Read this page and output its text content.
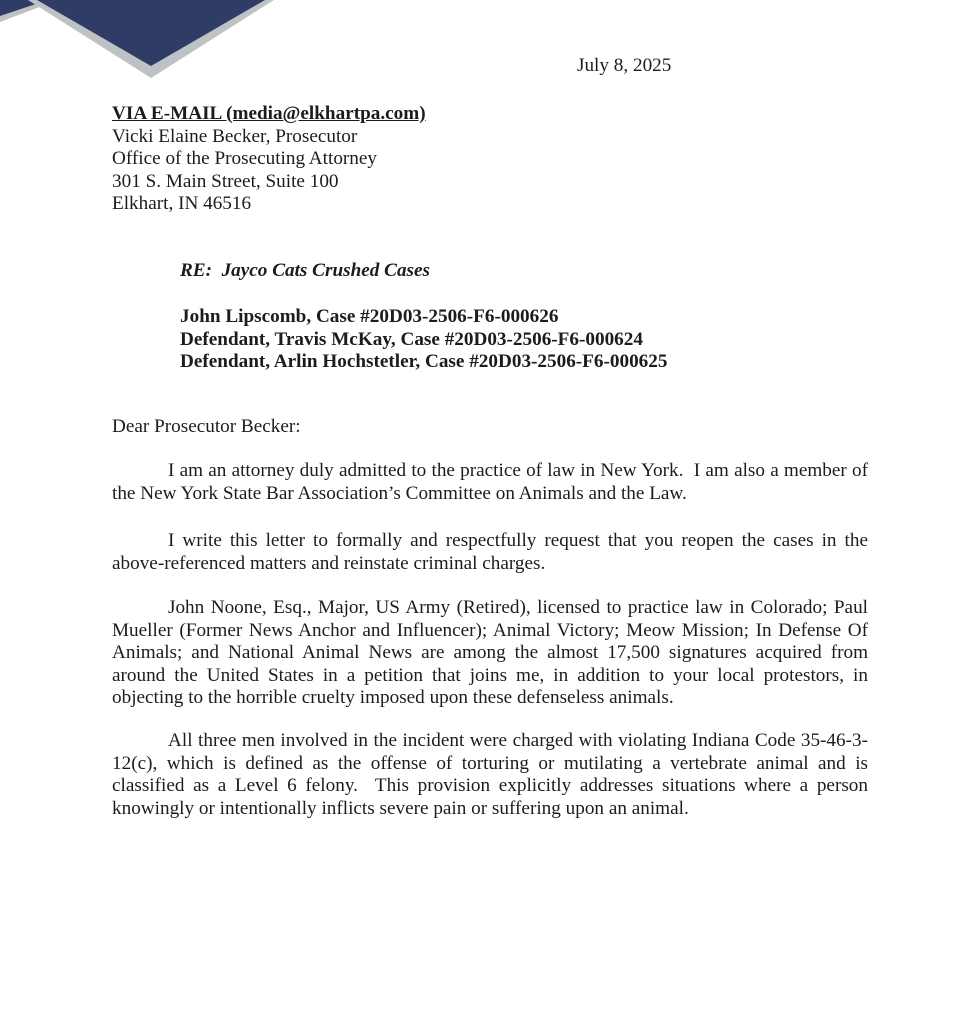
July 8, 2025
VIA E-MAIL (media@elkhartpa.com)
Vicki Elaine Becker, Prosecutor
Office of the Prosecuting Attorney
301 S. Main Street, Suite 100
Elkhart, IN 46516
RE:  Jayco Cats Crushed Cases
John Lipscomb, Case #20D03-2506-F6-000626
Defendant, Travis McKay, Case #20D03-2506-F6-000624
Defendant, Arlin Hochstetler, Case #20D03-2506-F6-000625
Dear Prosecutor Becker:

I am an attorney duly admitted to the practice of law in New York.  I am also a member of the New York State Bar Association’s Committee on Animals and the Law.

I write this letter to formally and respectfully request that you reopen the cases in the above-referenced matters and reinstate criminal charges.

John Noone, Esq., Major, US Army (Retired), licensed to practice law in Colorado; Paul Mueller (Former News Anchor and Influencer); Animal Victory; Meow Mission; In Defense Of Animals; and National Animal News are among the almost 17,500 signatures acquired from around the United States in a petition that joins me, in addition to your local protestors, in objecting to the horrible cruelty imposed upon these defenseless animals.

All three men involved in the incident were charged with violating Indiana Code 35-46-3-12(c), which is defined as the offense of torturing or mutilating a vertebrate animal and is classified as a Level 6 felony.  This provision explicitly addresses situations where a person knowingly or intentionally inflicts severe pain or suffering upon an animal.
